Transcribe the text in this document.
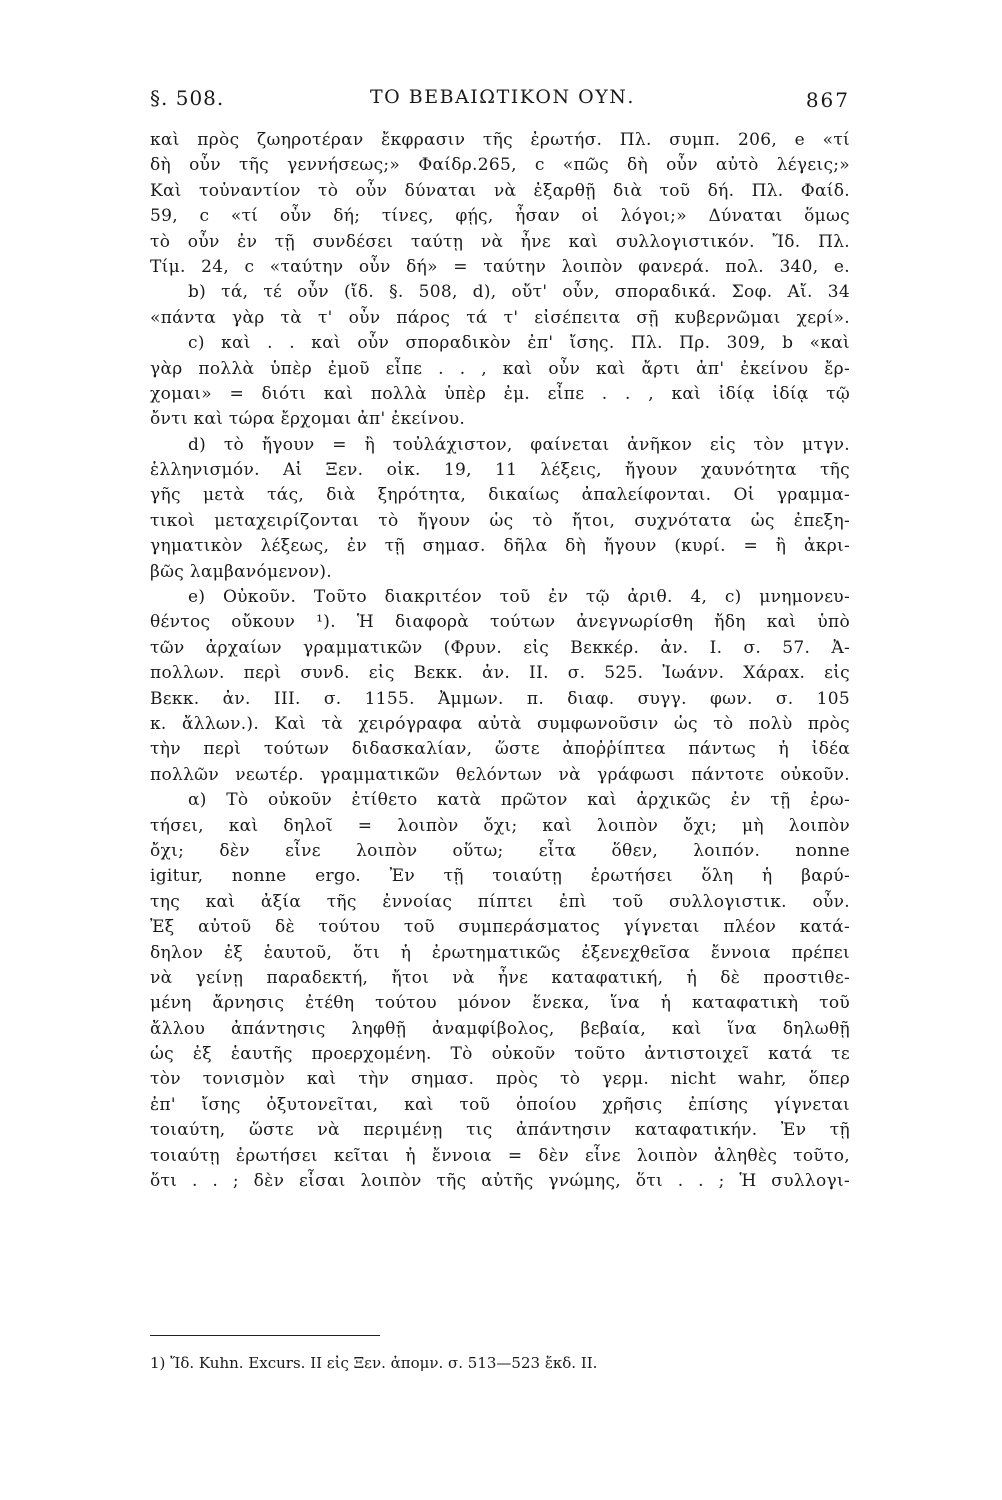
§. 508.	ΤΟ ΒΕΒΑΙΩΤΙΚΟΝ ΟΥΝ.	867
καὶ πρὸς ζωηροτέραν ἔκφρασιν τῆς ἐρωτήσ. Πλ. συμπ. 206, e «τί
δὴ οὖν τῆς γεννήσεως;» Φαίδρ.265, c «πῶς δὴ οὖν αὐτὸ λέγεις;»
Καὶ τοὐναντίον τὸ οὖν δύναται νὰ ἐξαρθῇ διὰ τοῦ δή. Πλ. Φαίδ.
59, c «τί οὖν δή; τίνες, φῄς, ἦσαν οἱ λόγοι;» Δύναται ὅμως
τὸ οὖν ἐν τῇ συνδέσει ταύτῃ νὰ ἦνε καὶ συλλογιστικόν. Ἴδ. Πλ.
Τίμ. 24, c «ταύτην οὖν δή» = ταύτην λοιπὸν φανερά. πολ. 340, e.
b) τά, τέ οὖν (ἴδ. §. 508, d), οὔτ' οὖν, σποραδικά. Σοφ. Αἴ. 34
«πάντα γὰρ τὰ τ' οὖν πάρος τά τ' εἰσέπειτα σῇ κυβερνῶμαι χερί».
c) καὶ . . καὶ οὖν σποραδικὸν ἐπ' ἴσης. Πλ. Πρ. 309, b «καὶ
γὰρ πολλὰ ὑπὲρ ἐμοῦ εἶπε . . , καὶ οὖν καὶ ἄρτι ἀπ' ἐκείνου ἔρ-
χομαι» = διότι καὶ πολλὰ ὑπὲρ ἐμ. εἶπε . . , καὶ ἰδίᾳ ἰδίᾳ τῷ
ὄντι καὶ τώρα ἔρχομαι ἀπ' ἐκείνου.
d) τὸ ἤγουν = ἢ τοὐλάχιστον, φαίνεται ἀνῆκον εἰς τὸν μτγν.
ἑλληνισμόν. Αἱ Ξεν. οἰκ. 19, 11 λέξεις, ἤγουν χαυνότητα τῆς
γῆς μετὰ τάς, διὰ ξηρότητα, δικαίως ἀπαλείφονται. Οἱ γραμμα-
τικοὶ μεταχειρίζονται τὸ ἤγουν ὡς τὸ ἤτοι, συχνότατα ὡς ἐπεξη-
γηματικὸν λέξεως, ἐν τῇ σημασ. δῆλα δὴ ἤγουν (κυρί. = ἢ ἀκρι-
βῶς λαμβανόμενον).
e) Οὐκοῦν. Τοῦτο διακριτέον τοῦ ἐν τῷ ἀριθ. 4, c) μνημονευ-
θέντος οὔκουν ¹). Ἡ διαφορὰ τούτων ἀνεγνωρίσθη ἤδη καὶ ὑπὸ
τῶν ἀρχαίων γραμματικῶν (Φρυν. εἰς Βεκκέρ. ἀν. I. σ. 57. Ἀ-
πολλων. περὶ συνδ. εἰς Βεκκ. ἀν. II. σ. 525. Ἰωάνν. Χάραx. εἰς
Βεκκ. ἀν. III. σ. 1155. Ἀμμων. π. διαφ. συγγ. φων. σ. 105
κ. ἄλλων.). Καὶ τὰ χειρόγραφα αὐτὰ συμφωνοῦσιν ὡς τὸ πολὺ πρὸς
τὴν περὶ τούτων διδασκαλίαν, ὥστε ἀποῤῥίπτεα πάντως ἡ ἰδέα
πολλῶν νεωτέρ. γραμματικῶν θελόντων νὰ γράφωσι πάντοτε οὐκοῦν.
α) Τὸ οὐκοῦν ἐτίθετο κατὰ πρῶτον καὶ ἀρχικῶς ἐν τῇ ἐρω-
τήσει, καὶ δηλοῖ = λοιπὸν ὄχι; καὶ λοιπὸν ὄχι; μὴ λοιπὸν
ὄχι; δὲν εἶνε λοιπὸν οὕτω; εἶτα ὅθεν, λοιπόν. nonne
igitur, nonne ergo. Ἐν τῇ τοιαύτῃ ἐρωτήσει ὅλη ἡ βαρύ-
της καὶ ἀξία τῆς ἐννοίας πίπτει ἐπὶ τοῦ συλλογιστικ. οὖν.
Ἐξ αὐτοῦ δὲ τούτου τοῦ συμπεράσματος γίγνεται πλέον κατά-
δηλον ἐξ ἑαυτοῦ, ὅτι ἡ ἐρωτηματικῶς ἐξενεχθεῖσα ἔννοια πρέπει
νὰ γείνῃ παραδεκτή, ἤτοι νὰ ἦνε καταφατική, ἡ δὲ προστιθε-
μένη ἄρνησις ἐτέθη τούτου μόνον ἕνεκα, ἵνα ἡ καταφατικὴ τοῦ
ἄλλου ἀπάντησις ληφθῇ ἀναμφίβολος, βεβαία, καὶ ἵνα δηλωθῇ
ὡς ἐξ ἑαυτῆς προερχομένη. Τὸ οὐκοῦν τοῦτο ἀντιστοιχεῖ κατά τε
τὸν τονισμὸν καὶ τὴν σημασ. πρὸς τὸ γερμ. nicht wahr, ὅπερ
ἐπ' ἴσης ὀξυτονεῖται, καὶ τοῦ ὁποίου χρῆσις ἐπίσης γίγνεται
τοιαύτη, ὥστε νὰ περιμένῃ τις ἀπάντησιν καταφατικήν. Ἐν τῇ
τοιαύτῃ ἐρωτήσει κεῖται ἡ ἔννοια = δὲν εἶνε λοιπὸν ἀληθὲς τοῦτο,
ὅτι . . ; δὲν εἶσαι λοιπὸν τῆς αὐτῆς γνώμης, ὅτι . . ; Ἡ συλλογι-
1) Ἴδ. Kuhn. Excurs. II εἰς Ξεν. ἀπομν. σ. 513—523 ἔκδ. II.
